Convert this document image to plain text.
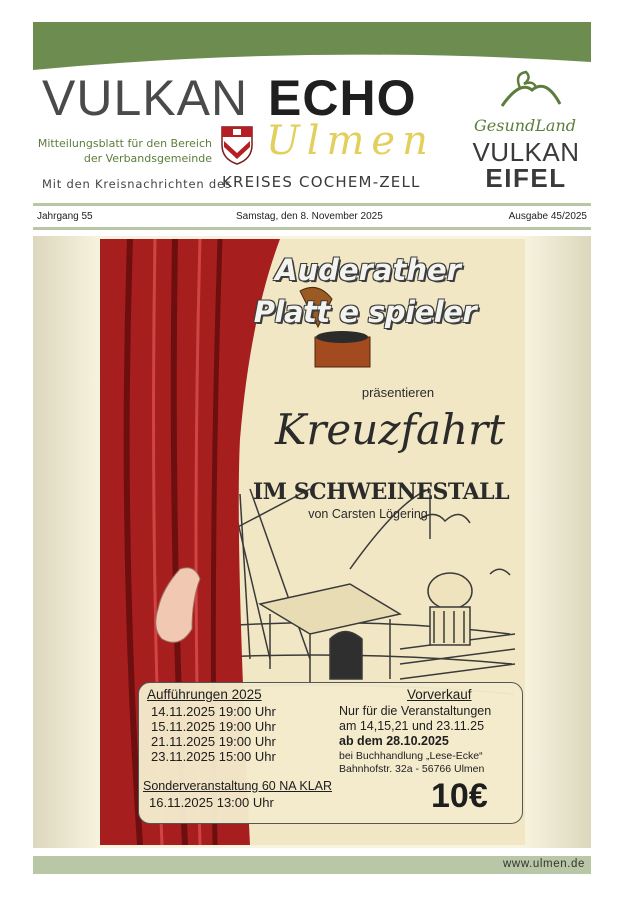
VULKAN ECHO
Mitteilungsblatt für den Bereich
der Verbandsgemeinde Ulmen
Mit den Kreisnachrichten des
KREISES COCHEM-ZELL
GesundLand
VULKAN
EIFEL
Jahrgang 55	Samstag, den 8. November 2025	Ausgabe 45/2025
Auderather
Platt e spieler
präsentieren
Kreuzfahrt
IM SCHWEINESTALL
von Carsten Lögering
Aufführungen 2025
14.11.2025 19:00 Uhr
15.11.2025 19:00 Uhr
21.11.2025 19:00 Uhr
23.11.2025 15:00 Uhr
Vorverkauf
Nur für die Veranstaltungen
am 14,15,21 und 23.11.25
ab dem 28.10.2025
bei Buchhandlung „Lese-Ecke“
Bahnhofstr. 32a - 56766 Ulmen
Sonderveranstaltung 60 NA KLAR
16.11.2025 13:00 Uhr	10€
www.ulmen.de
